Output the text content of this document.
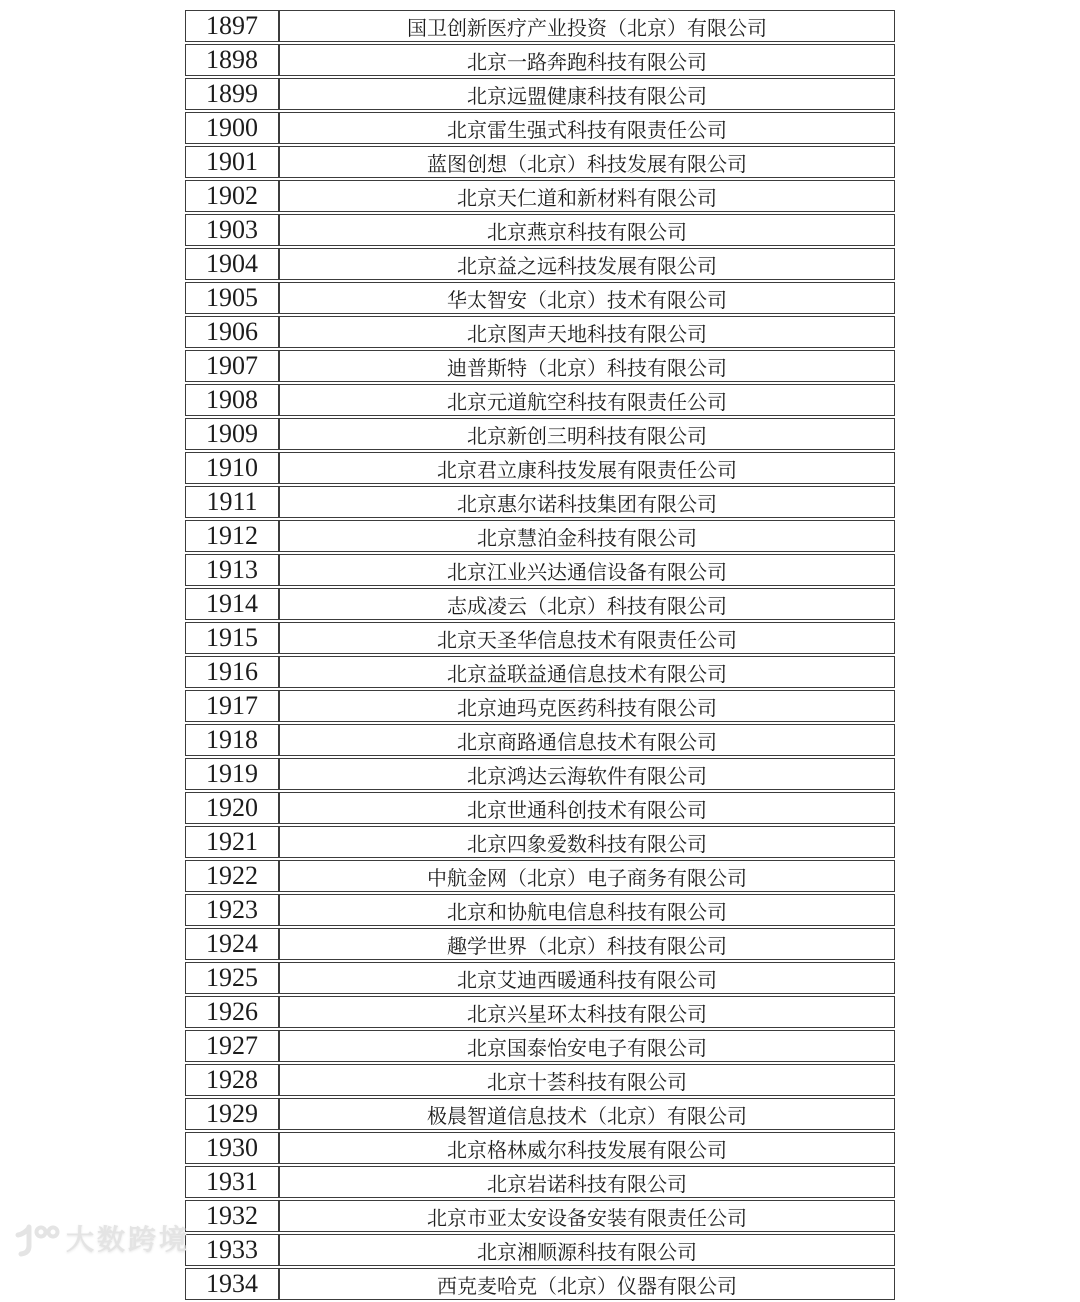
1897	国卫创新医疗产业投资（北京）有限公司
1898	北京一路奔跑科技有限公司
1899	北京远盟健康科技有限公司
1900	北京雷生强式科技有限责任公司
1901	蓝图创想（北京）科技发展有限公司
1902	北京天仁道和新材料有限公司
1903	北京燕京科技有限公司
1904	北京益之远科技发展有限公司
1905	华太智安（北京）技术有限公司
1906	北京图声天地科技有限公司
1907	迪普斯特（北京）科技有限公司
1908	北京元道航空科技有限责任公司
1909	北京新创三明科技有限公司
1910	北京君立康科技发展有限责任公司
1911	北京惠尔诺科技集团有限公司
1912	北京慧泊金科技有限公司
1913	北京江业兴达通信设备有限公司
1914	志成凌云（北京）科技有限公司
1915	北京天圣华信息技术有限责任公司
1916	北京益联益通信息技术有限公司
1917	北京迪玛克医药科技有限公司
1918	北京商路通信息技术有限公司
1919	北京鸿达云海软件有限公司
1920	北京世通科创技术有限公司
1921	北京四象爱数科技有限公司
1922	中航金网（北京）电子商务有限公司
1923	北京和协航电信息科技有限公司
1924	趣学世界（北京）科技有限公司
1925	北京艾迪西暖通科技有限公司
1926	北京兴星环太科技有限公司
1927	北京国泰怡安电子有限公司
1928	北京十荟科技有限公司
1929	极晨智道信息技术（北京）有限公司
1930	北京格林威尔科技发展有限公司
1931	北京岩诺科技有限公司
1932	北京市亚太安设备安装有限责任公司
1933	北京湘顺源科技有限公司
1934	西克麦哈克（北京）仪器有限公司
大数跨境
